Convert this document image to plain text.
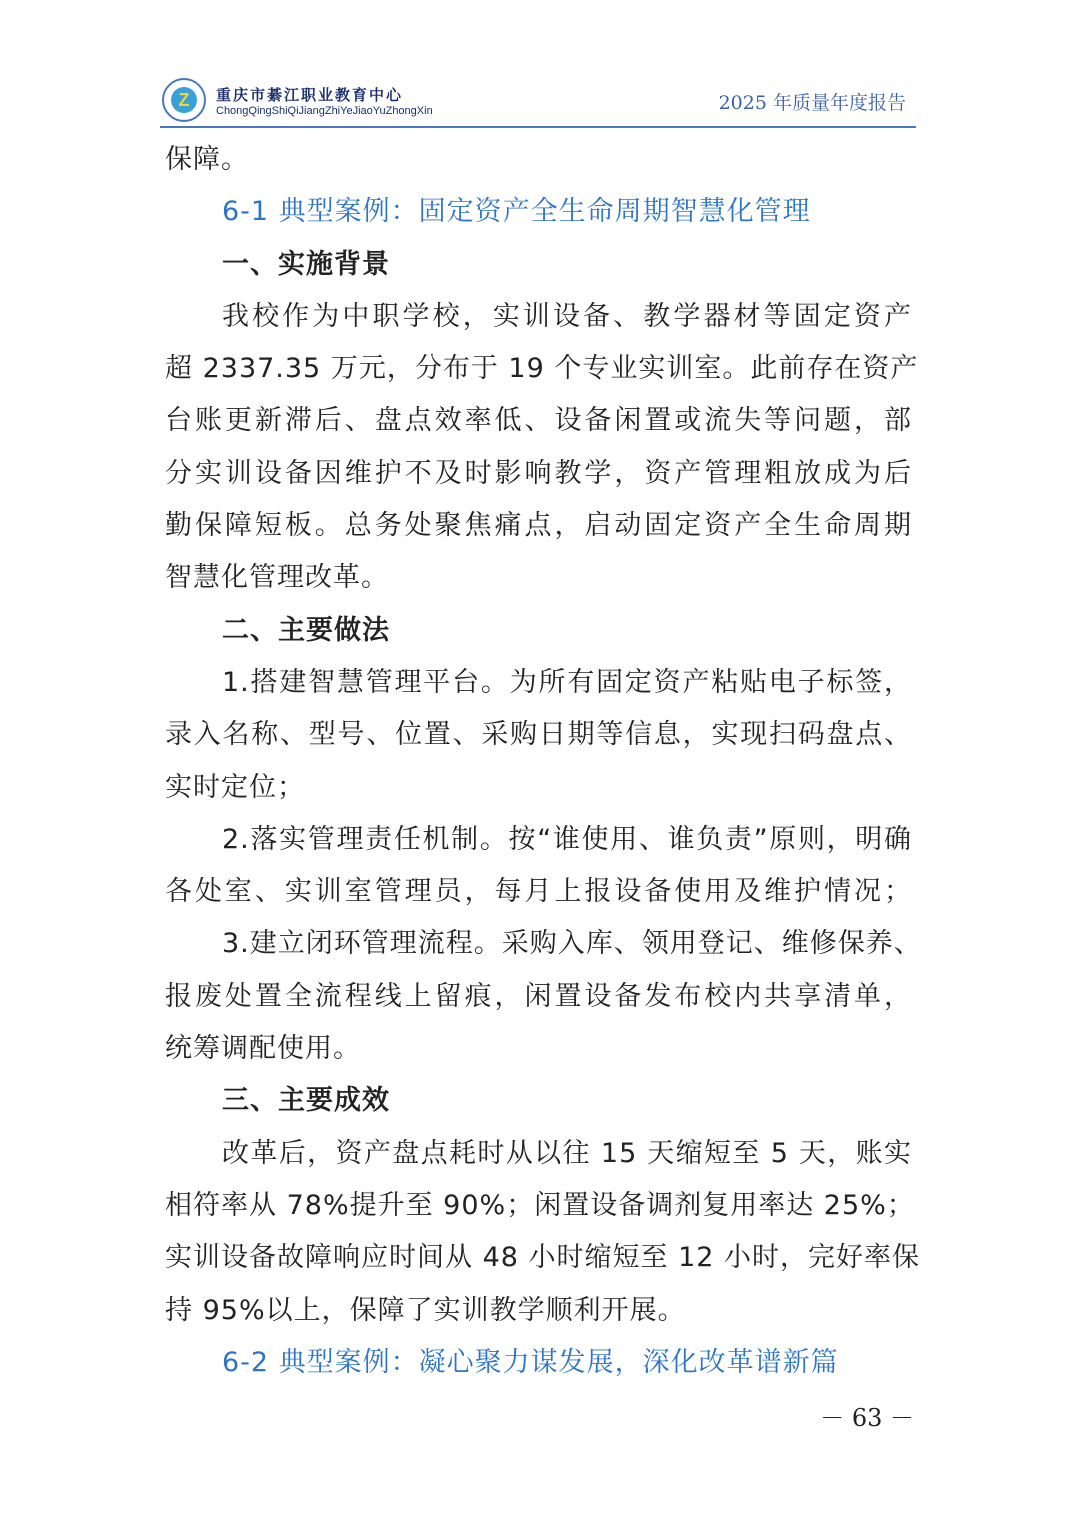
Z	重庆市綦江职业教育中心
ChongQingShiQiJiangZhiYeJiaoYuZhongXin	2025 年质量年度报告
保障。
6-1 典型案例：固定资产全生命周期智慧化管理
一、实施背景
我校作为中职学校，实训设备、教学器材等固定资产
超 2337.35 万元，分布于 19 个专业实训室。此前存在资产
台账更新滞后、盘点效率低、设备闲置或流失等问题，部
分实训设备因维护不及时影响教学，资产管理粗放成为后
勤保障短板。总务处聚焦痛点，启动固定资产全生命周期
智慧化管理改革。
二、主要做法
1.搭建智慧管理平台。为所有固定资产粘贴电子标签，
录入名称、型号、位置、采购日期等信息，实现扫码盘点、
实时定位；
2.落实管理责任机制。按“谁使用、谁负责”原则，明确
各处室、实训室管理员，每月上报设备使用及维护情况；
3.建立闭环管理流程。采购入库、领用登记、维修保养、
报废处置全流程线上留痕，闲置设备发布校内共享清单，
统筹调配使用。
三、主要成效
改革后，资产盘点耗时从以往 15 天缩短至 5 天，账实
相符率从 78%提升至 90%；闲置设备调剂复用率达 25%；
实训设备故障响应时间从 48 小时缩短至 12 小时，完好率保
持 95%以上，保障了实训教学顺利开展。
6-2 典型案例：凝心聚力谋发展，深化改革谱新篇
－ 63 －
